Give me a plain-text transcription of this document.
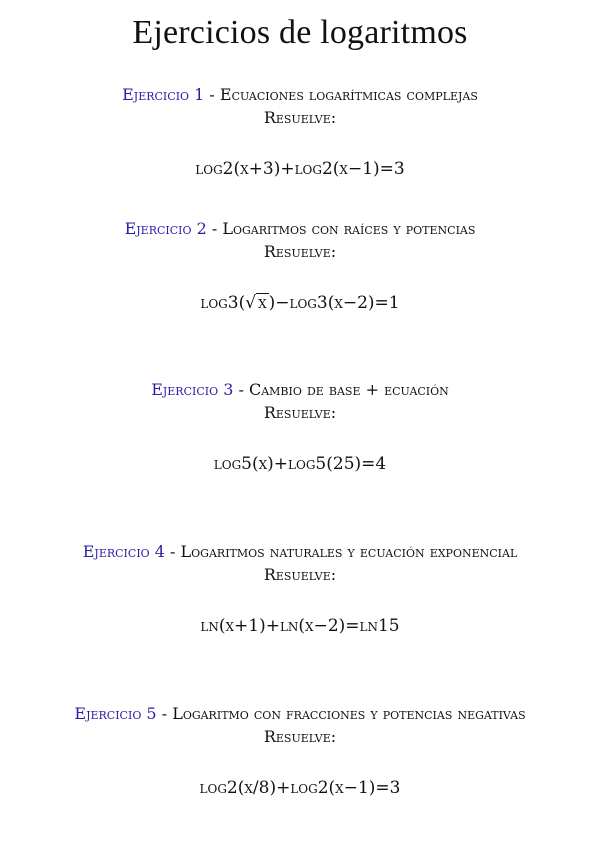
Ejercicios de logaritmos
Ejercicio 1 - Ecuaciones logarítmicas complejas
Resuelve:
log2(x+3)+log2(x−1)=3
Ejercicio 2 - Logaritmos con raíces y potencias
Resuelve:
log3(√ x)−log3(x−2)=1
Ejercicio 3 - Cambio de base + ecuación
Resuelve:
log5(x)+log5(25)=4
Ejercicio 4 - Logaritmos naturales y ecuación exponencial
Resuelve:
ln(x+1)+ln(x−2)=ln15
Ejercicio 5 - Logaritmo con fracciones y potencias negativas
Resuelve:
log2(x/8)+log2(x−1)=3
